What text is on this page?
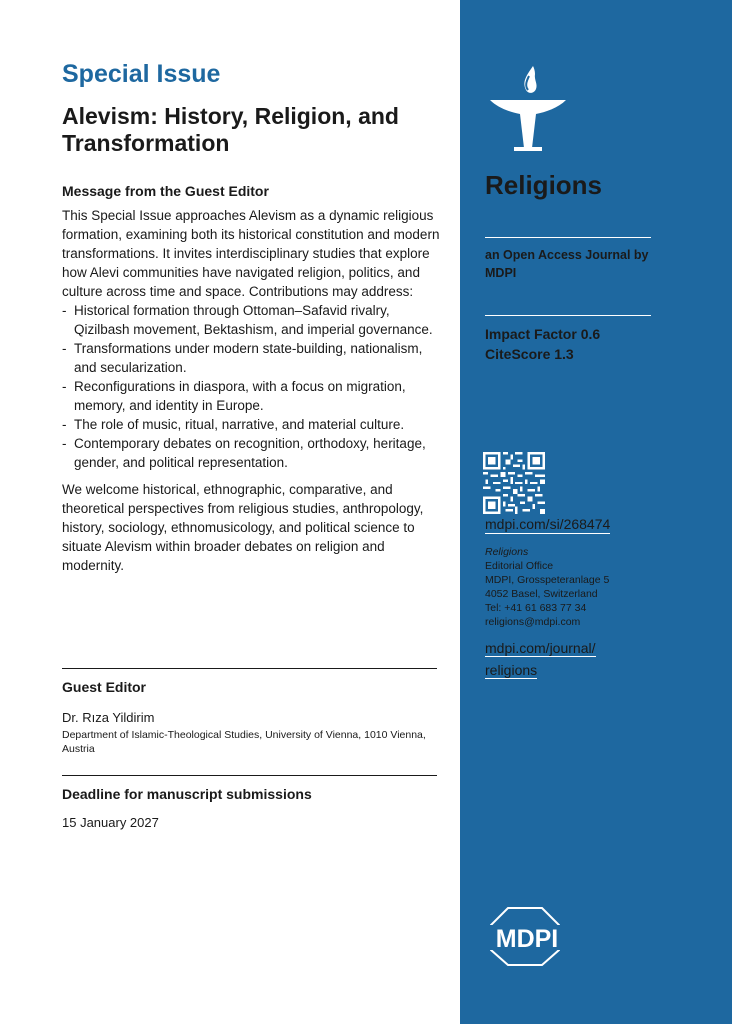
Special Issue
Alevism: History, Religion, and Transformation
Message from the Guest Editor

This Special Issue approaches Alevism as a dynamic religious formation, examining both its historical constitution and modern transformations. It invites interdisciplinary studies that explore how Alevi communities have navigated religion, politics, and culture across time and space. Contributions may address:

- Historical formation through Ottoman–Safavid rivalry, Qizilbash movement, Bektashism, and imperial governance.
- Transformations under modern state-building, nationalism, and secularization.
- Reconfigurations in diaspora, with a focus on migration, memory, and identity in Europe.
- The role of music, ritual, narrative, and material culture.
- Contemporary debates on recognition, orthodoxy, heritage, gender, and political representation.

We welcome historical, ethnographic, comparative, and theoretical perspectives from religious studies, anthropology, history, sociology, ethnomusicology, and political science to situate Alevism within broader debates on religion and modernity.

Guest Editor
Dr. Rıza Yildirim
Department of Islamic-Theological Studies, University of Vienna, 1010 Vienna, Austria
Deadline for manuscript submissions
15 January 2027
Religions
an Open Access Journal by MDPI
Impact Factor 0.6
CiteScore 1.3
mdpi.com/si/268474
Religions
Editorial Office
MDPI, Grosspeteranlage 5
4052 Basel, Switzerland
Tel: +41 61 683 77 34
religions@mdpi.com
mdpi.com/journal/
religions
MDPI
